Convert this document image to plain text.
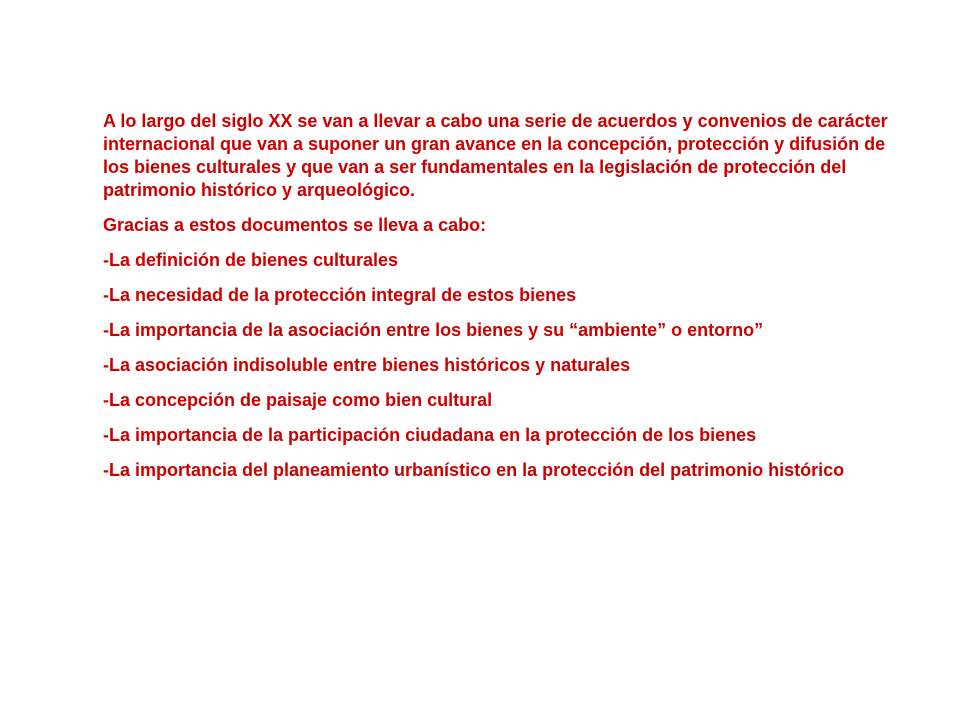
A lo largo del siglo XX se van a llevar a cabo una serie de acuerdos y convenios de carácter internacional que van a suponer un gran avance en la concepción, protección y difusión de los bienes culturales y que van a ser fundamentales en la legislación de protección del patrimonio histórico y arqueológico.

Gracias a estos documentos se lleva a cabo:

-La definición de bienes culturales
-La necesidad de la protección integral de estos bienes
-La importancia de la asociación entre los bienes y su “ambiente” o entorno”
-La asociación indisoluble entre bienes históricos y naturales
-La concepción de paisaje como bien cultural
-La importancia de la participación ciudadana en la protección de los bienes
-La importancia del planeamiento urbanístico en la protección del patrimonio histórico
